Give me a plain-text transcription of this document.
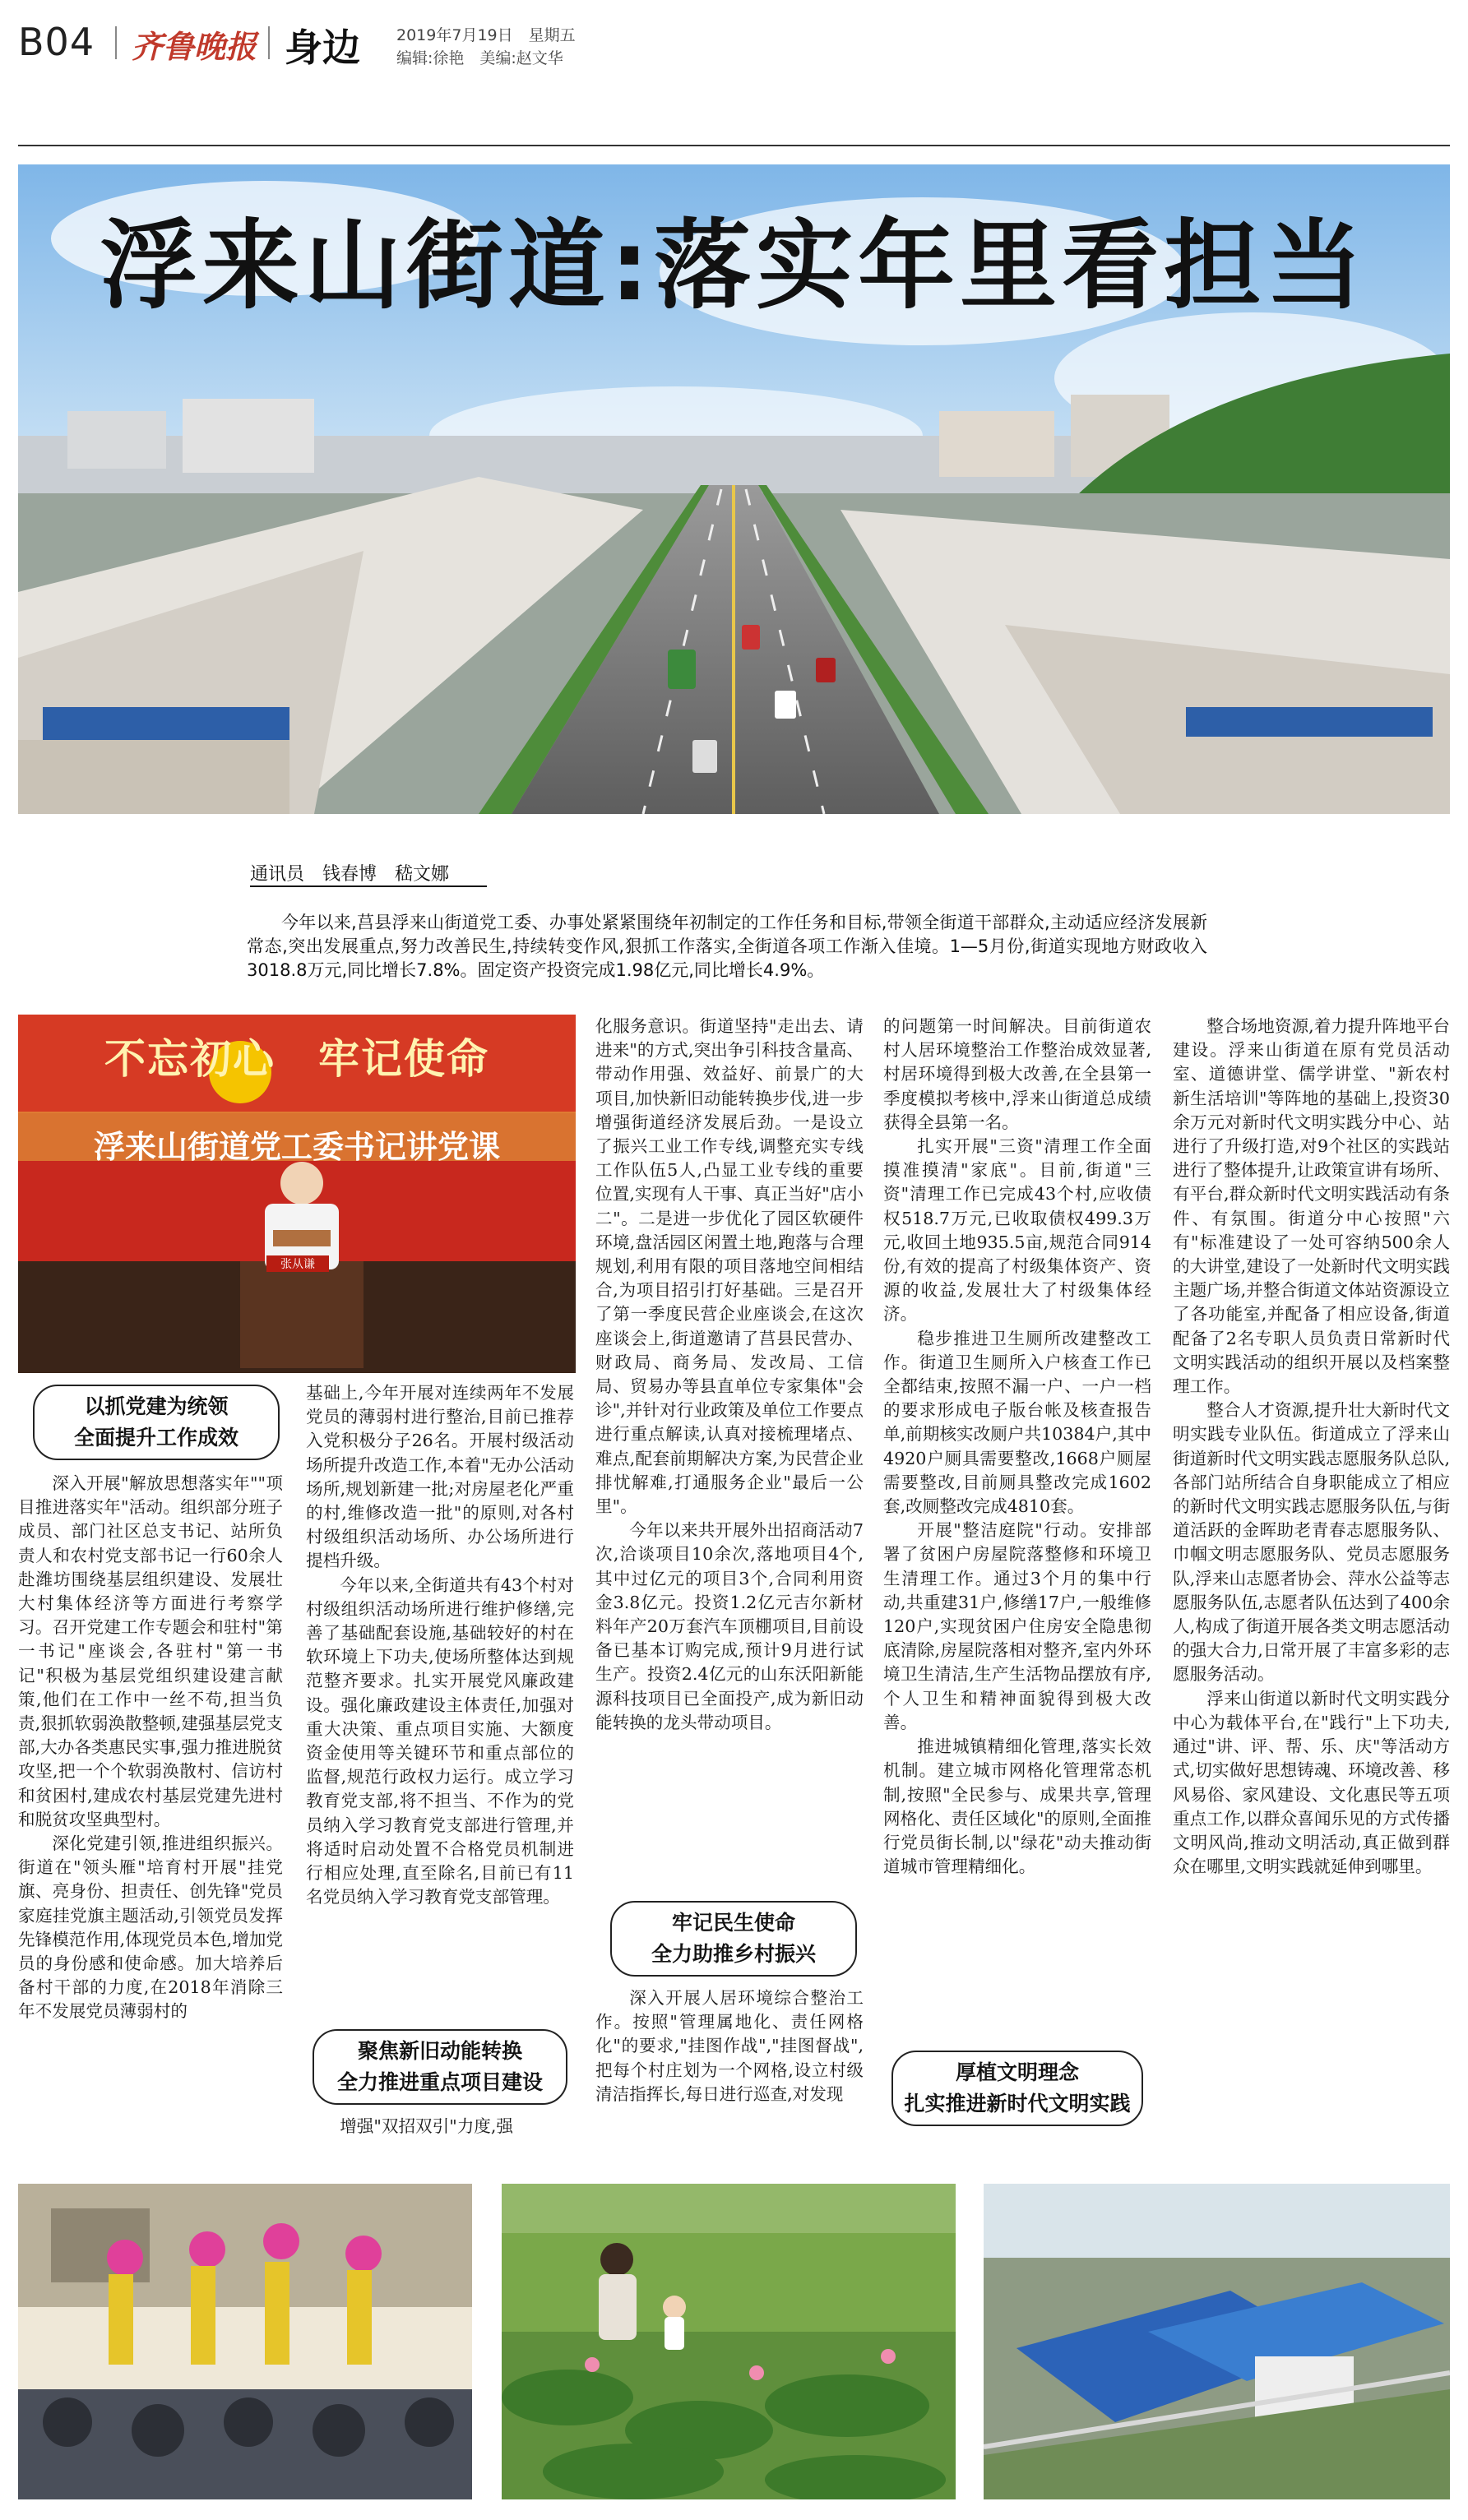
B04 齐鲁晚报 身边 2019年7月19日　星期五
编辑:徐艳　美编:赵文华
浮来山街道:落实年里看担当
通讯员　钱春博　嵇文娜
今年以来,莒县浮来山街道党工委、办事处紧紧围绕年初制定的工作任务和目标,带领全街道干部群众,主动适应经济发展新常态,突出发展重点,努力改善民生,持续转变作风,狠抓工作落实,全街道各项工作渐入佳境。1—5月份,街道实现地方财政收入3018.8万元,同比增长7.8%。固定资产投资完成1.98亿元,同比增长4.9%。
不忘初心　牢记使命
浮来山街道党工委书记讲党课
张从谦
以抓党建为统领
全面提升工作成效

深入开展"解放思想落实年""项目推进落实年"活动。组织部分班子成员、部门社区总支书记、站所负责人和农村党支部书记一行60余人赴潍坊围绕基层组织建设、发展壮大村集体经济等方面进行考察学习。召开党建工作专题会和驻村"第一书记"座谈会,各驻村"第一书记"积极为基层党组织建设建言献策,他们在工作中一丝不苟,担当负责,狠抓软弱涣散整顿,建强基层党支部,大办各类惠民实事,强力推进脱贫攻坚,把一个个软弱涣散村、信访村和贫困村,建成农村基层党建先进村和脱贫攻坚典型村。

深化党建引领,推进组织振兴。街道在"领头雁"培育村开展"挂党旗、亮身份、担责任、创先锋"党员家庭挂党旗主题活动,引领党员发挥先锋模范作用,体现党员本色,增加党员的身份感和使命感。加大培养后备村干部的力度,在2018年消除三年不发展党员薄弱村的

基础上,今年开展对连续两年不发展党员的薄弱村进行整治,目前已推荐入党积极分子26名。开展村级活动场所提升改造工作,本着"无办公活动场所,规划新建一批;对房屋老化严重的村,维修改造一批"的原则,对各村村级组织活动场所、办公场所进行提档升级。

今年以来,全街道共有43个村对村级组织活动场所进行维护修缮,完善了基础配套设施,基础较好的村在软环境上下功夫,使场所整体达到规范整齐要求。扎实开展党风廉政建设。强化廉政建设主体责任,加强对重大决策、重点项目实施、大额度资金使用等关键环节和重点部位的监督,规范行政权力运行。成立学习教育党支部,将不担当、不作为的党员纳入学习教育党支部进行管理,并将适时启动处置不合格党员机制进行相应处理,直至除名,目前已有11名党员纳入学习教育党支部管理。

聚焦新旧动能转换
全力推进重点项目建设

增强"双招双引"力度,强

化服务意识。街道坚持"走出去、请进来"的方式,突出争引科技含量高、带动作用强、效益好、前景广的大项目,加快新旧动能转换步伐,进一步增强街道经济发展后劲。一是设立了振兴工业工作专线,调整充实专线工作队伍5人,凸显工业专线的重要位置,实现有人干事、真正当好"店小二"。二是进一步优化了园区软硬件环境,盘活园区闲置土地,跑落与合理规划,利用有限的项目落地空间相结合,为项目招引打好基础。三是召开了第一季度民营企业座谈会,在这次座谈会上,街道邀请了莒县民营办、财政局、商务局、发改局、工信局、贸易办等县直单位专家集体"会诊",并针对行业政策及单位工作要点进行重点解读,认真对接梳理堵点、难点,配套前期解决方案,为民营企业排忧解难,打通服务企业"最后一公里"。

今年以来共开展外出招商活动7次,洽谈项目10余次,落地项目4个,其中过亿元的项目3个,合同利用资金3.8亿元。投资1.2亿元吉尔新材料年产20万套汽车顶棚项目,目前设备已基本订购完成,预计9月进行试生产。投资2.4亿元的山东沃阳新能源科技项目已全面投产,成为新旧动能转换的龙头带动项目。

牢记民生使命
全力助推乡村振兴

深入开展人居环境综合整治工作。按照"管理属地化、责任网格化"的要求,"挂图作战","挂图督战",把每个村庄划为一个网格,设立村级清洁指挥长,每日进行巡查,对发现

的问题第一时间解决。目前街道农村人居环境整治工作整治成效显著,村居环境得到极大改善,在全县第一季度模拟考核中,浮来山街道总成绩获得全县第一名。

扎实开展"三资"清理工作全面摸准摸清"家底"。目前,街道"三资"清理工作已完成43个村,应收债权518.7万元,已收取债权499.3万元,收回土地935.5亩,规范合同914份,有效的提高了村级集体资产、资源的收益,发展壮大了村级集体经济。

稳步推进卫生厕所改建整改工作。街道卫生厕所入户核查工作已全都结束,按照不漏一户、一户一档的要求形成电子版台帐及核查报告单,前期核实改厕户共10384户,其中4920户厕具需要整改,1668户厕屋需要整改,目前厕具整改完成1602套,改厕整改完成4810套。

开展"整洁庭院"行动。安排部署了贫困户房屋院落整修和环境卫生清理工作。通过3个月的集中行动,共重建31户,修缮17户,一般维修120户,实现贫困户住房安全隐患彻底清除,房屋院落相对整齐,室内外环境卫生清洁,生产生活物品摆放有序,个人卫生和精神面貌得到极大改善。

推进城镇精细化管理,落实长效机制。建立城市网格化管理常态机制,按照"全民参与、成果共享,管理网格化、责任区域化"的原则,全面推行党员街长制,以"绿花"动夫推动街道城市管理精细化。

厚植文明理念
扎实推进新时代文明实践

整合场地资源,着力提升阵地平台建设。浮来山街道在原有党员活动室、道德讲堂、儒学讲堂、"新农村新生活培训"等阵地的基础上,投资30余万元对新时代文明实践分中心、站进行了升级打造,对9个社区的实践站进行了整体提升,让政策宣讲有场所、有平台,群众新时代文明实践活动有条件、有氛围。街道分中心按照"六有"标准建设了一处可容纳500余人的大讲堂,建设了一处新时代文明实践主题广场,并整合街道文体站资源设立了各功能室,并配备了相应设备,街道配备了2名专职人员负责日常新时代文明实践活动的组织开展以及档案整理工作。

整合人才资源,提升壮大新时代文明实践专业队伍。街道成立了浮来山街道新时代文明实践志愿服务队总队,各部门站所结合自身职能成立了相应的新时代文明实践志愿服务队伍,与街道活跃的金晖助老青春志愿服务队、巾帼文明志愿服务队、党员志愿服务队,浮来山志愿者协会、萍水公益等志愿服务队伍,志愿者队伍达到了400余人,构成了街道开展各类文明志愿活动的强大合力,日常开展了丰富多彩的志愿服务活动。

浮来山街道以新时代文明实践分中心为载体平台,在"践行"上下功夫,通过"讲、评、帮、乐、庆"等活动方式,切实做好思想铸魂、环境改善、移风易俗、家风建设、文化惠民等五项重点工作,以群众喜闻乐见的方式传播文明风尚,推动文明活动,真正做到群众在哪里,文明实践就延伸到哪里。
